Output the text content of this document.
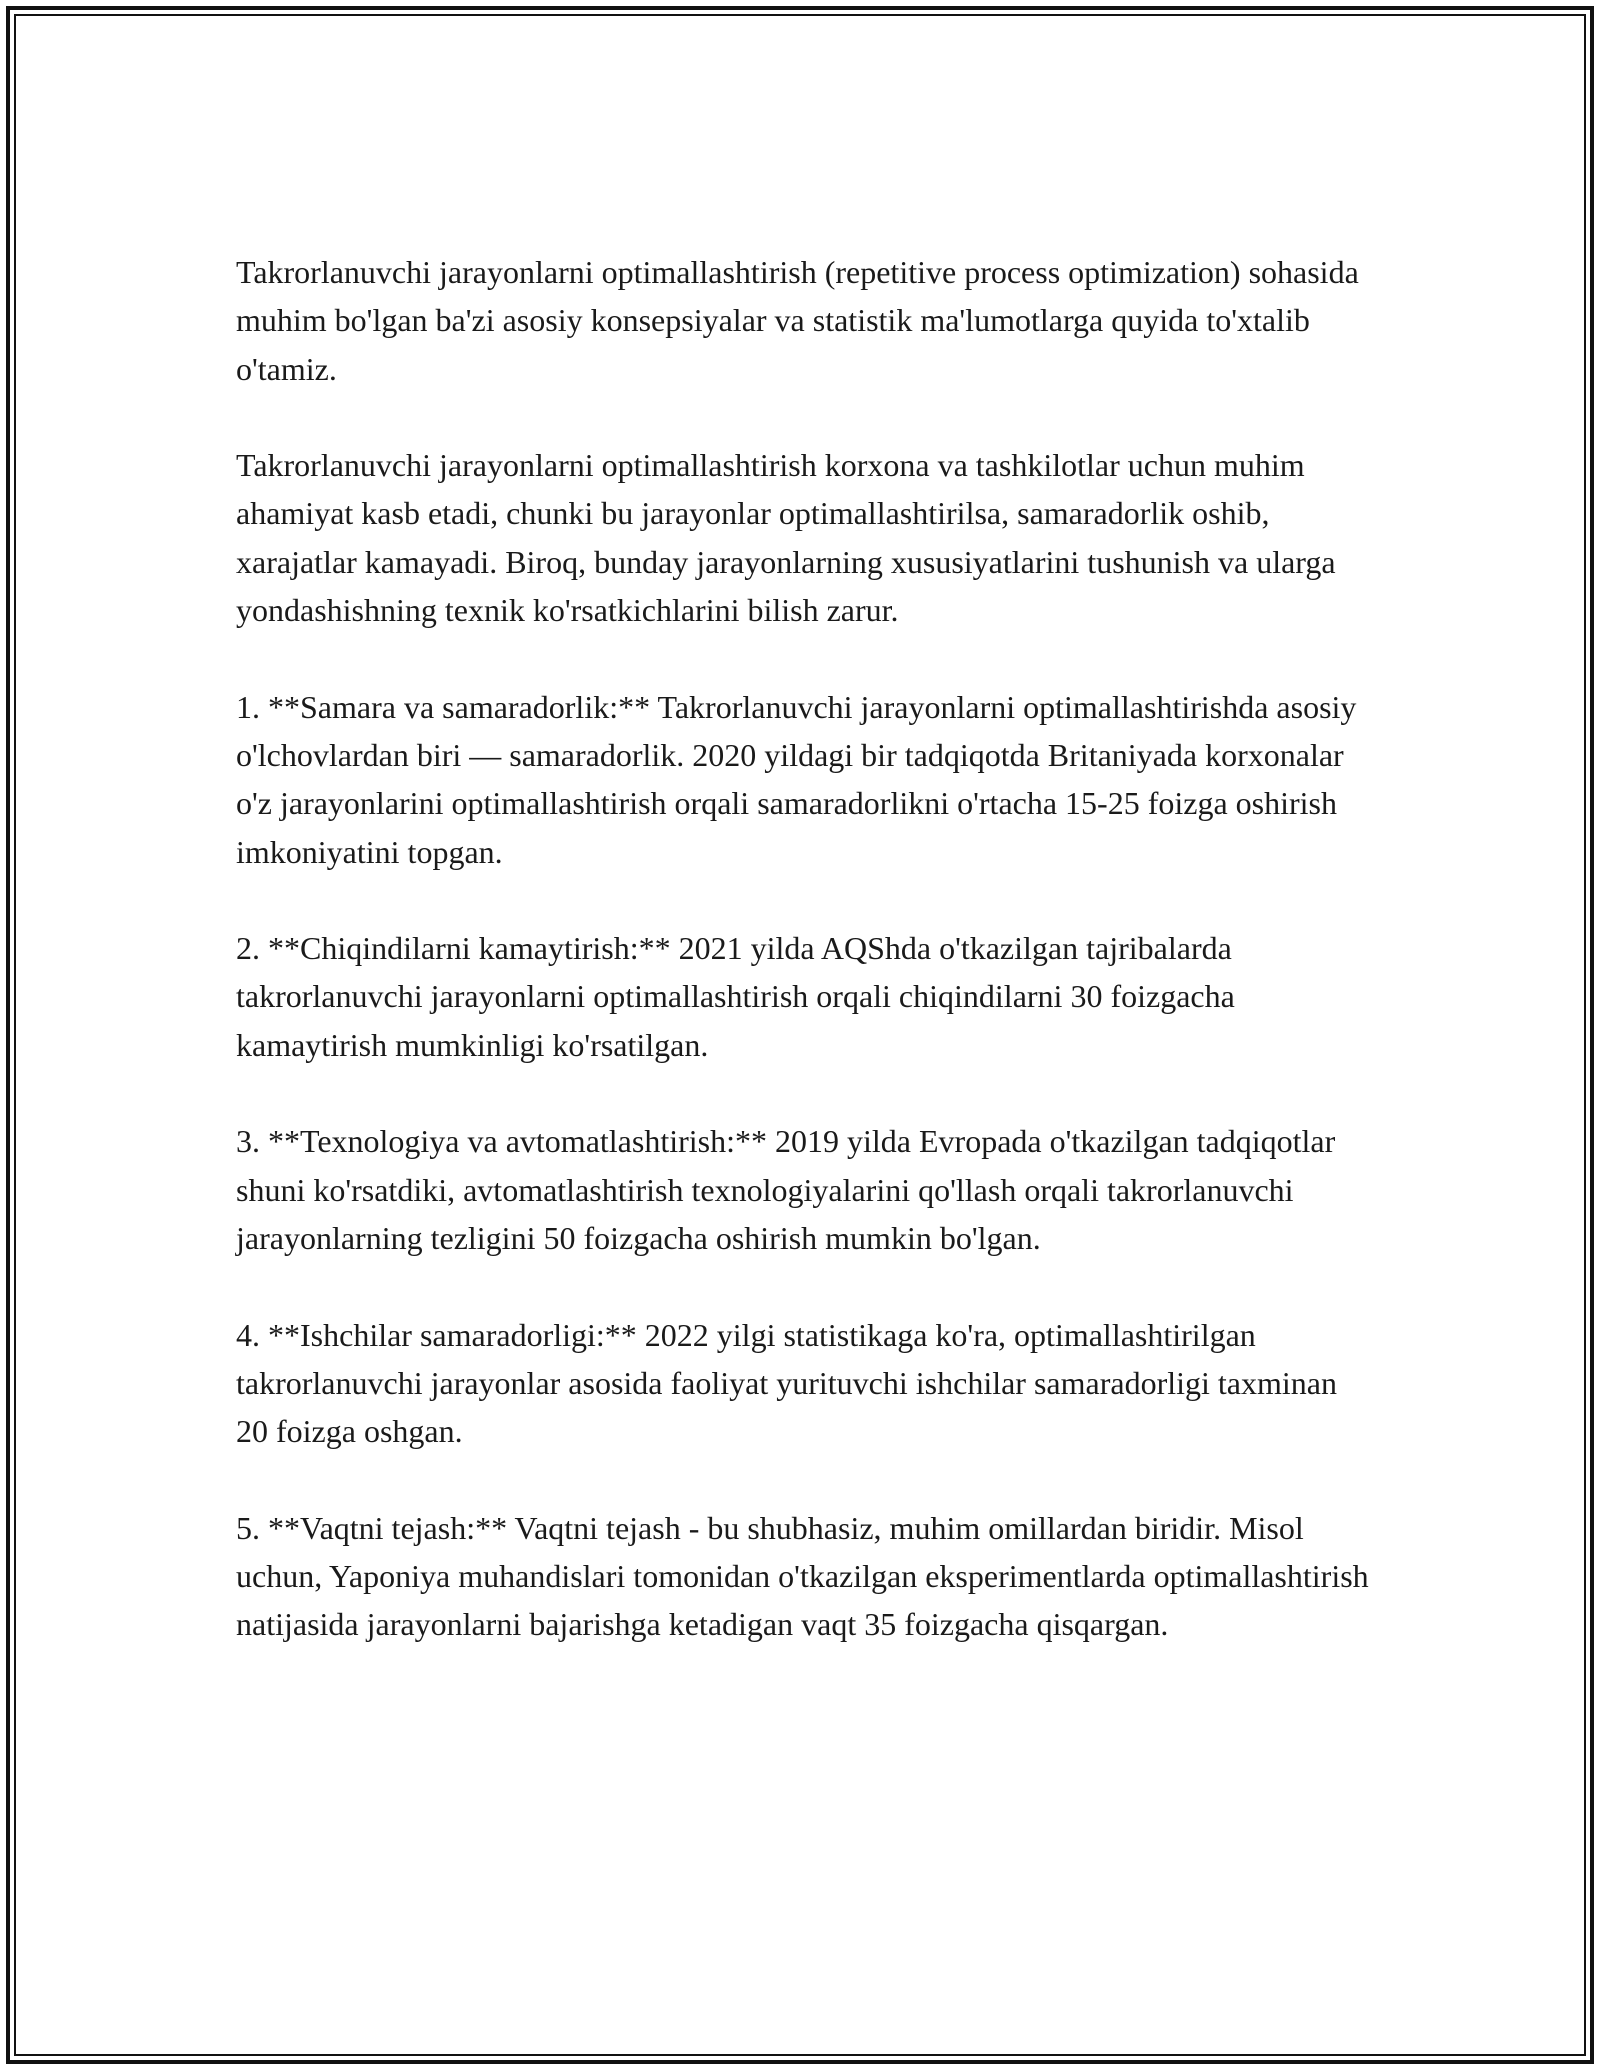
Takrorlanuvchi jarayonlarni optimallashtirish (repetitive process optimization) sohasida muhim bo'lgan ba'zi asosiy konsepsiyalar va statistik ma'lumotlarga quyida to'xtalib o'tamiz.

Takrorlanuvchi jarayonlarni optimallashtirish korxona va tashkilotlar uchun muhim ahamiyat kasb etadi, chunki bu jarayonlar optimallashtirilsa, samaradorlik oshib, xarajatlar kamayadi. Biroq, bunday jarayonlarning xususiyatlarini tushunish va ularga yondashishning texnik ko'rsatkichlarini bilish zarur.

1. **Samara va samaradorlik:** Takrorlanuvchi jarayonlarni optimallashtirishda asosiy o'lchovlardan biri — samaradorlik. 2020 yildagi bir tadqiqotda Britaniyada korxonalar o'z jarayonlarini optimallashtirish orqali samaradorlikni o'rtacha 15-25 foizga oshirish imkoniyatini topgan.

2. **Chiqindilarni kamaytirish:** 2021 yilda AQShda o'tkazilgan tajribalarda takrorlanuvchi jarayonlarni optimallashtirish orqali chiqindilarni 30 foizgacha kamaytirish mumkinligi ko'rsatilgan.

3. **Texnologiya va avtomatlashtirish:** 2019 yilda Evropada o'tkazilgan tadqiqotlar shuni ko'rsatdiki, avtomatlashtirish texnologiyalarini qo'llash orqali takrorlanuvchi jarayonlarning tezligini 50 foizgacha oshirish mumkin bo'lgan.

4. **Ishchilar samaradorligi:** 2022 yilgi statistikaga ko'ra, optimallashtirilgan takrorlanuvchi jarayonlar asosida faoliyat yurituvchi ishchilar samaradorligi taxminan 20 foizga oshgan.

5. **Vaqtni tejash:** Vaqtni tejash - bu shubhasiz, muhim omillardan biridir. Misol uchun, Yaponiya muhandislari tomonidan o'tkazilgan eksperimentlarda optimallashtirish natijasida jarayonlarni bajarishga ketadigan vaqt 35 foizgacha qisqargan.
